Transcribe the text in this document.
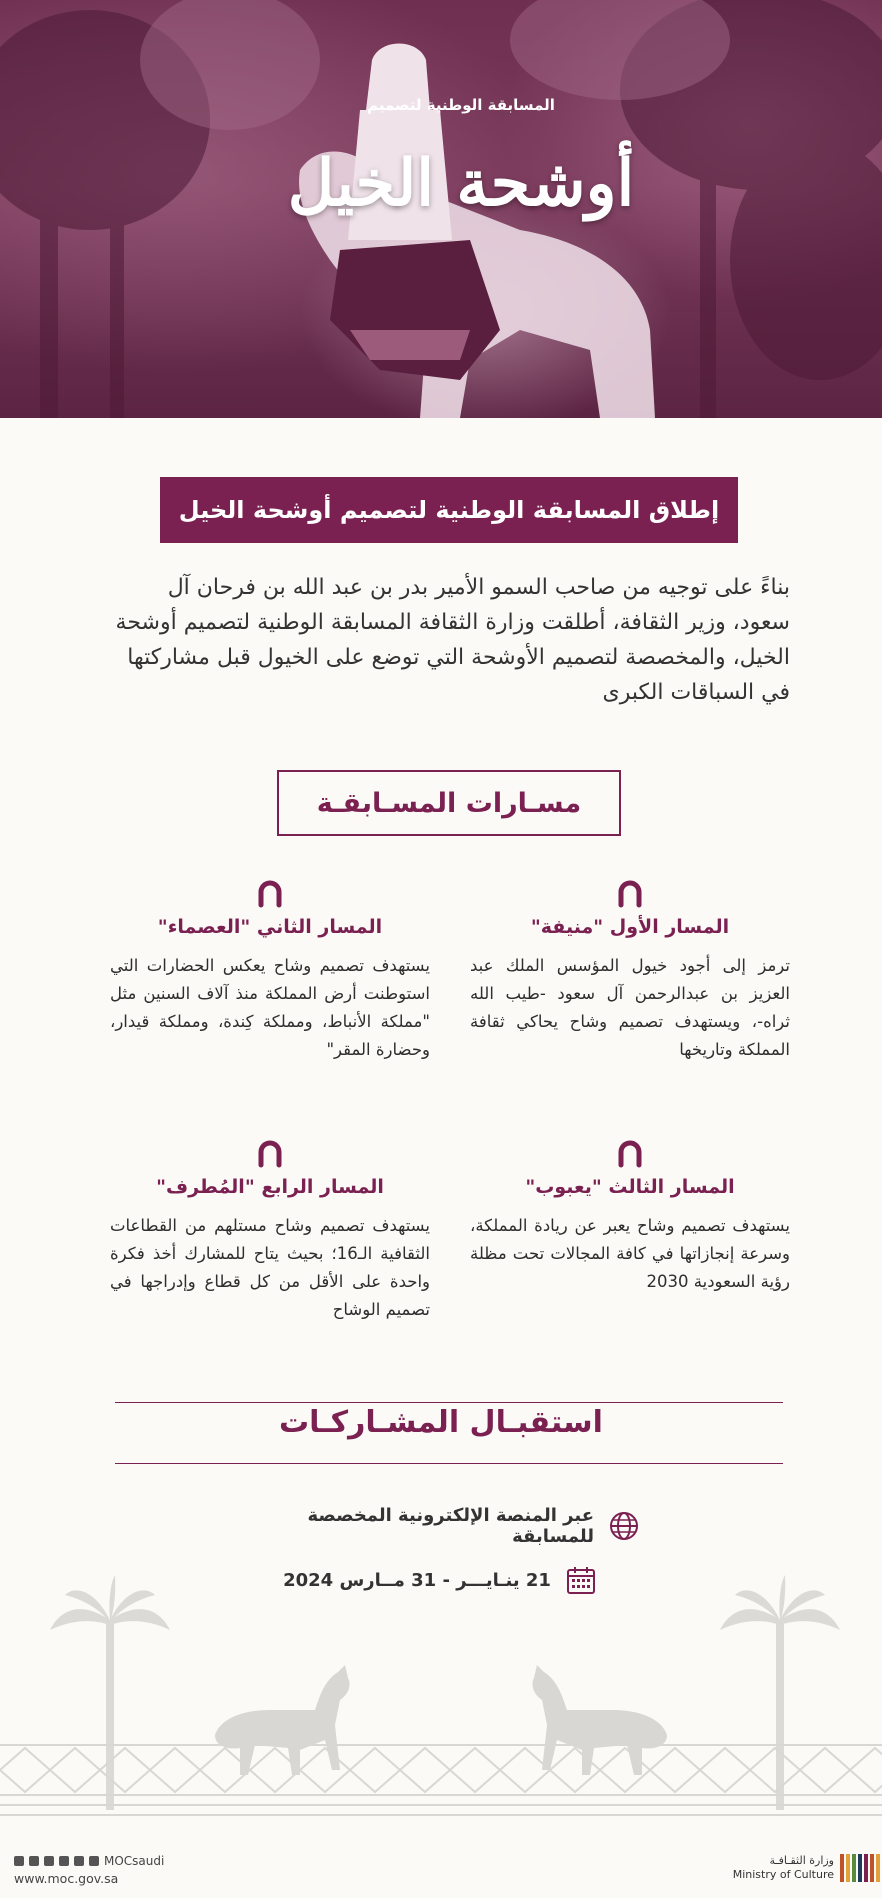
المسابقة الوطنية لتصميم
أوشحة الخيل
إطلاق المسابقة الوطنية لتصميم أوشحة الخيل
بناءً على توجيه من صاحب السمو الأمير بدر بن عبد الله بن فرحان آل سعود، وزير الثقافة، أطلقت وزارة الثقافة المسابقة الوطنية لتصميم أوشحة الخيل، والمخصصة لتصميم الأوشحة التي توضع على الخيول قبل مشاركتها في السباقات الكبرى
مسـارات المسـابقـة
المسار الأول "منيفة"

ترمز إلى أجود خيول المؤسس الملك عبد العزيز بن عبدالرحمن آل سعود -طيب الله ثراه-، ويستهدف تصميم وشاح يحاكي ثقافة المملكة وتاريخها

المسار الثاني "العصماء"

يستهدف تصميم وشاح يعكس الحضارات التي استوطنت أرض المملكة منذ آلاف السنين مثل "مملكة الأنباط، ومملكة كِندة، ومملكة قيدار، وحضارة المقر"

المسار الثالث "يعبوب"

يستهدف تصميم وشاح يعبر عن ريادة المملكة، وسرعة إنجازاتها في كافة المجالات تحت مظلة رؤية السعودية 2030

المسار الرابع "المُطرف"

يستهدف تصميم وشاح مستلهم من القطاعات الثقافية الـ16؛ بحيث يتاح للمشارك أخذ فكرة واحدة على الأقل من كل قطاع وإدراجها في تصميم الوشاح

استقبـال المشـاركـات
عبر المنصة الإلكترونية المخصصة للمسابقة
21 ينـايـــر - 31 مــارس 2024
MOCsaudi
www.moc.gov.sa
وزارة الثقـافـة
Ministry of Culture
